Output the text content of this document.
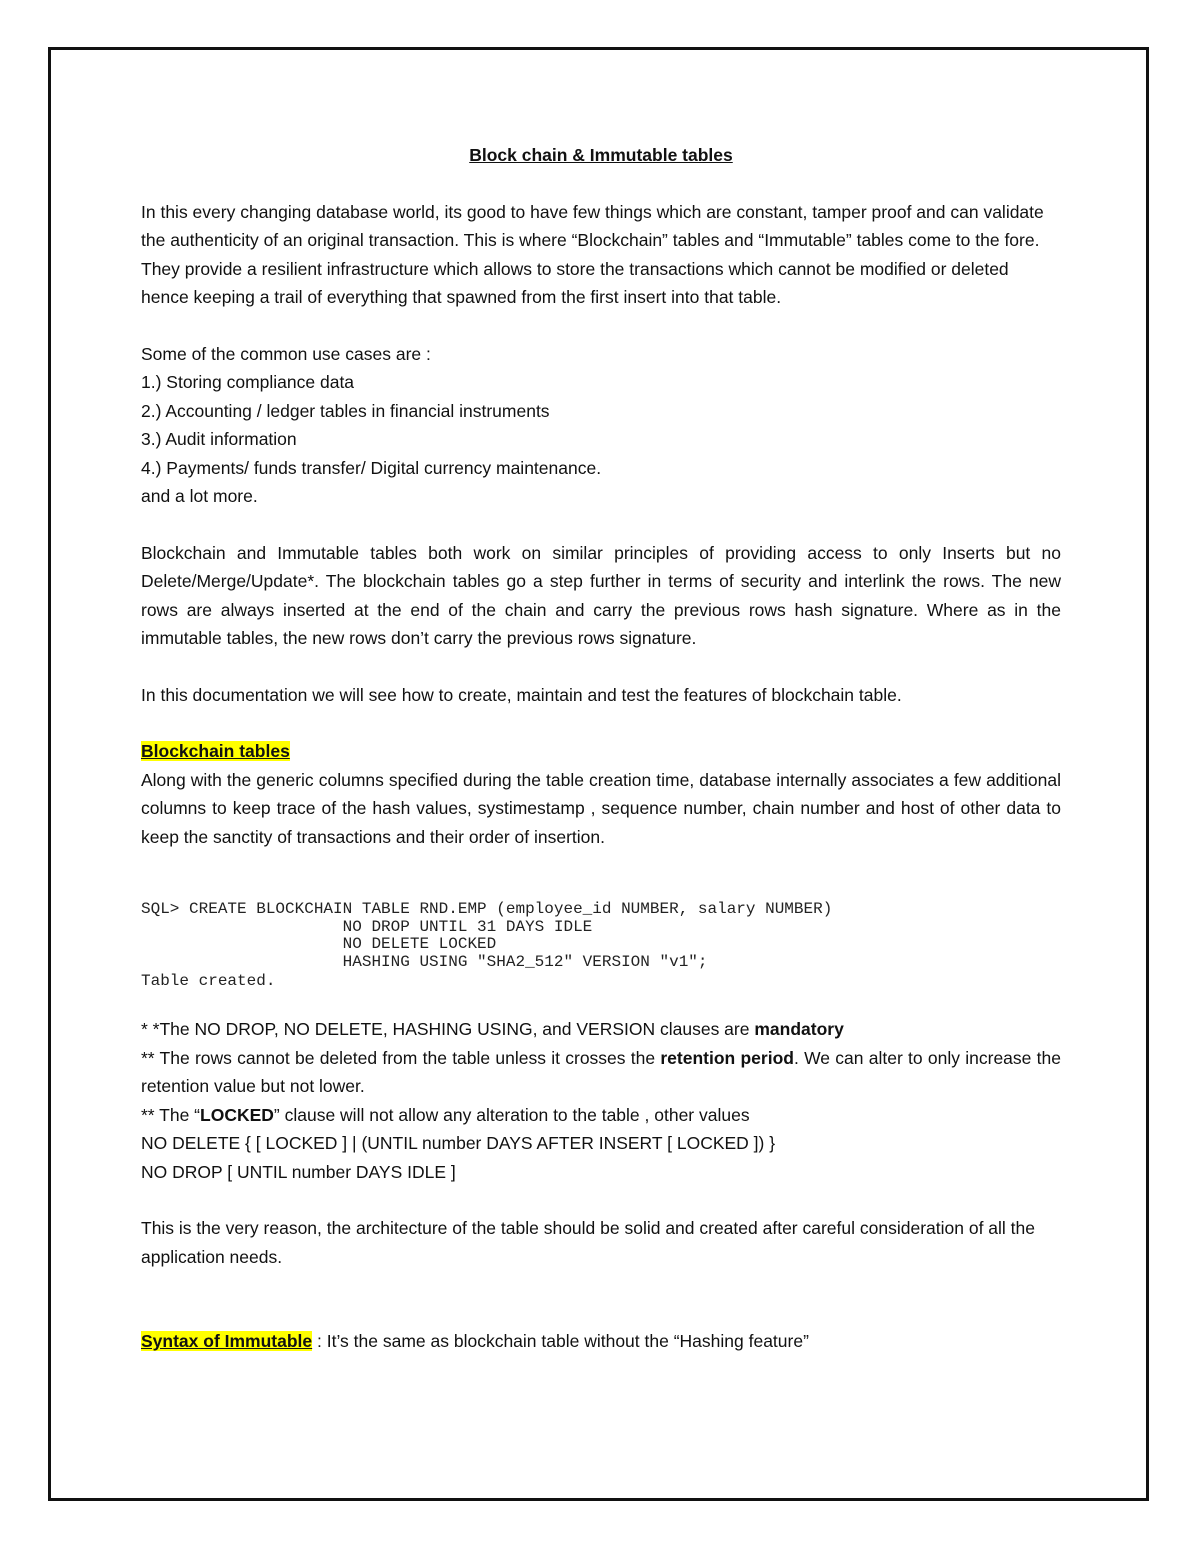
Block chain & Immutable tables

In this every changing database world, its good to have few things which are constant, tamper proof and can validate the authenticity of an original transaction. This is where “Blockchain” tables and “Immutable” tables come to the fore.

They provide a resilient infrastructure which allows to store the transactions which cannot be modified or deleted hence keeping a trail of everything that spawned from the first insert into that table.

Some of the common use cases are :

1.) Storing compliance data

2.) Accounting / ledger tables in financial instruments

3.) Audit information

4.) Payments/ funds transfer/ Digital currency maintenance.

and a lot more.

Blockchain and Immutable tables both work on similar principles of providing access to only Inserts but no Delete/Merge/Update*. The blockchain tables go a step further in terms of security and interlink the rows. The new rows are always inserted at the end of the chain and carry the previous rows hash signature. Where as in the immutable tables, the new rows don’t carry the previous rows signature.

In this documentation we will see how to create, maintain and test the features of blockchain table.

Blockchain tables

Along with the generic columns specified during the table creation time, database internally associates a few additional columns to keep trace of the hash values, systimestamp , sequence number, chain number and host of other data to keep the sanctity of transactions and their order of insertion.

SQL> CREATE BLOCKCHAIN TABLE RND.EMP (employee_id NUMBER, salary NUMBER)

NO DROP UNTIL 31 DAYS IDLE

NO DELETE LOCKED

HASHING USING "SHA2_512" VERSION "v1";

Table created.

* *The NO DROP, NO DELETE, HASHING USING, and VERSION clauses are mandatory

** The rows cannot be deleted from the table unless it crosses the retention period. We can alter to only increase the retention value but not lower.

** The “LOCKED” clause will not allow any alteration to the table , other values

NO DELETE { [ LOCKED ] | (UNTIL number DAYS AFTER INSERT [ LOCKED ]) }

NO DROP [ UNTIL number DAYS IDLE ]

This is the very reason, the architecture of the table should be solid and created after careful consideration of all the application needs.

Syntax of Immutable : It’s the same as blockchain table without the “Hashing feature”
